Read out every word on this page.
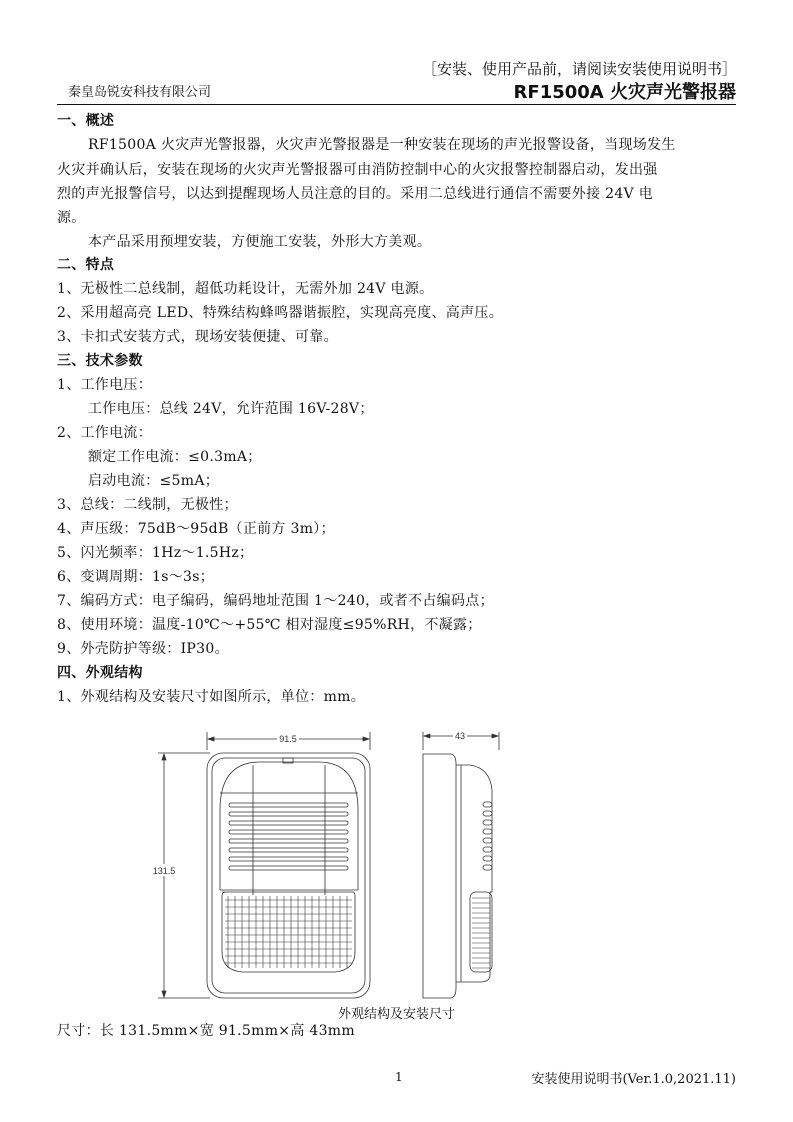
［安装、使用产品前，请阅读安装使用说明书］
秦皇岛锐安科技有限公司	RF1500A 火灾声光警报器
一、概述
RF1500A 火灾声光警报器，火灾声光警报器是一种安装在现场的声光报警设备，当现场发生
火灾并确认后，安装在现场的火灾声光警报器可由消防控制中心的火灾报警控制器启动，发出强
烈的声光报警信号，以达到提醒现场人员注意的目的。采用二总线进行通信不需要外接 24V 电
源。
本产品采用预埋安装，方便施工安装，外形大方美观。
二、特点
1、无极性二总线制，超低功耗设计，无需外加 24V 电源。
2、采用超高亮 LED、特殊结构蜂鸣器谐振腔，实现高亮度、高声压。
3、卡扣式安装方式，现场安装便捷、可靠。
三、技术参数
1、工作电压：
工作电压：总线 24V，允许范围 16V-28V；
2、工作电流：
额定工作电流：≤0.3mA；
启动电流：≤5mA；
3、总线：二线制，无极性；
4、声压级：75dB～95dB（正前方 3m）；
5、闪光频率：1Hz～1.5Hz；
6、变调周期：1s～3s；
7、编码方式：电子编码，编码地址范围 1～240，或者不占编码点；
8、使用环境：温度-10℃～+55℃ 相对湿度≤95%RH，不凝露；
9、外壳防护等级：IP30。
四、外观结构
1、外观结构及安装尺寸如图所示，单位：mm。
91.5
131.5
43
外观结构及安装尺寸
尺寸：长 131.5mm×宽 91.5mm×高 43mm
1	安装使用说明书(Ver.1.0,2021.11)
